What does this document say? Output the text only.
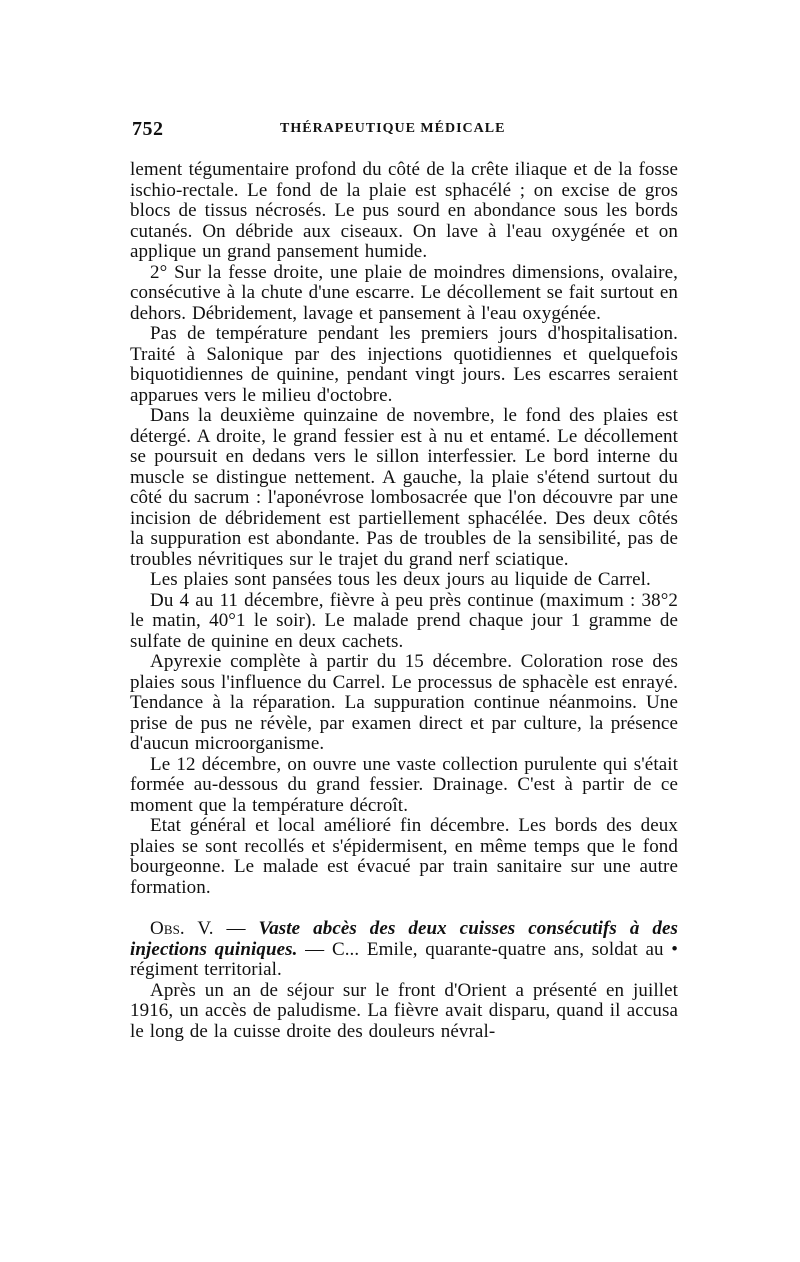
752	THÉRAPEUTIQUE MÉDICALE

lement tégumentaire profond du côté de la crête iliaque et de la fosse ischio-rectale. Le fond de la plaie est sphacélé ; on excise de gros blocs de tissus nécrosés. Le pus sourd en abondance sous les bords cutanés. On débride aux ciseaux. On lave à l'eau oxygénée et on applique un grand pansement humide.

2° Sur la fesse droite, une plaie de moindres dimensions, ovalaire, consécutive à la chute d'une escarre. Le décollement se fait surtout en dehors. Débridement, lavage et pansement à l'eau oxygénée.

Pas de température pendant les premiers jours d'hospitalisation. Traité à Salonique par des injections quotidiennes et quelquefois biquotidiennes de quinine, pendant vingt jours. Les escarres seraient apparues vers le milieu d'octobre.

Dans la deuxième quinzaine de novembre, le fond des plaies est détergé. A droite, le grand fessier est à nu et entamé. Le décollement se poursuit en dedans vers le sillon interfessier. Le bord interne du muscle se distingue nettement. A gauche, la plaie s'étend surtout du côté du sacrum : l'aponévrose lombosacrée que l'on découvre par une incision de débridement est partiellement sphacélée. Des deux côtés la suppuration est abondante. Pas de troubles de la sensibilité, pas de troubles névritiques sur le trajet du grand nerf sciatique.

Les plaies sont pansées tous les deux jours au liquide de Carrel.

Du 4 au 11 décembre, fièvre à peu près continue (maximum : 38°2 le matin, 40°1 le soir). Le malade prend chaque jour 1 gramme de sulfate de quinine en deux cachets.

Apyrexie complète à partir du 15 décembre. Coloration rose des plaies sous l'influence du Carrel. Le processus de sphacèle est enrayé. Tendance à la réparation. La suppuration continue néanmoins. Une prise de pus ne révèle, par examen direct et par culture, la présence d'aucun microorganisme.

Le 12 décembre, on ouvre une vaste collection purulente qui s'était formée au-dessous du grand fessier. Drainage. C'est à partir de ce moment que la température décroît.

Etat général et local amélioré fin décembre. Les bords des deux plaies se sont recollés et s'épidermisent, en même temps que le fond bourgeonne. Le malade est évacué par train sanitaire sur une autre formation.

Obs. V. — Vaste abcès des deux cuisses consécutifs à des injections quiniques. — C... Emile, quarante-quatre ans, soldat au • régiment territorial.

Après un an de séjour sur le front d'Orient a présenté en juillet 1916, un accès de paludisme. La fièvre avait disparu, quand il accusa le long de la cuisse droite des douleurs névral-
